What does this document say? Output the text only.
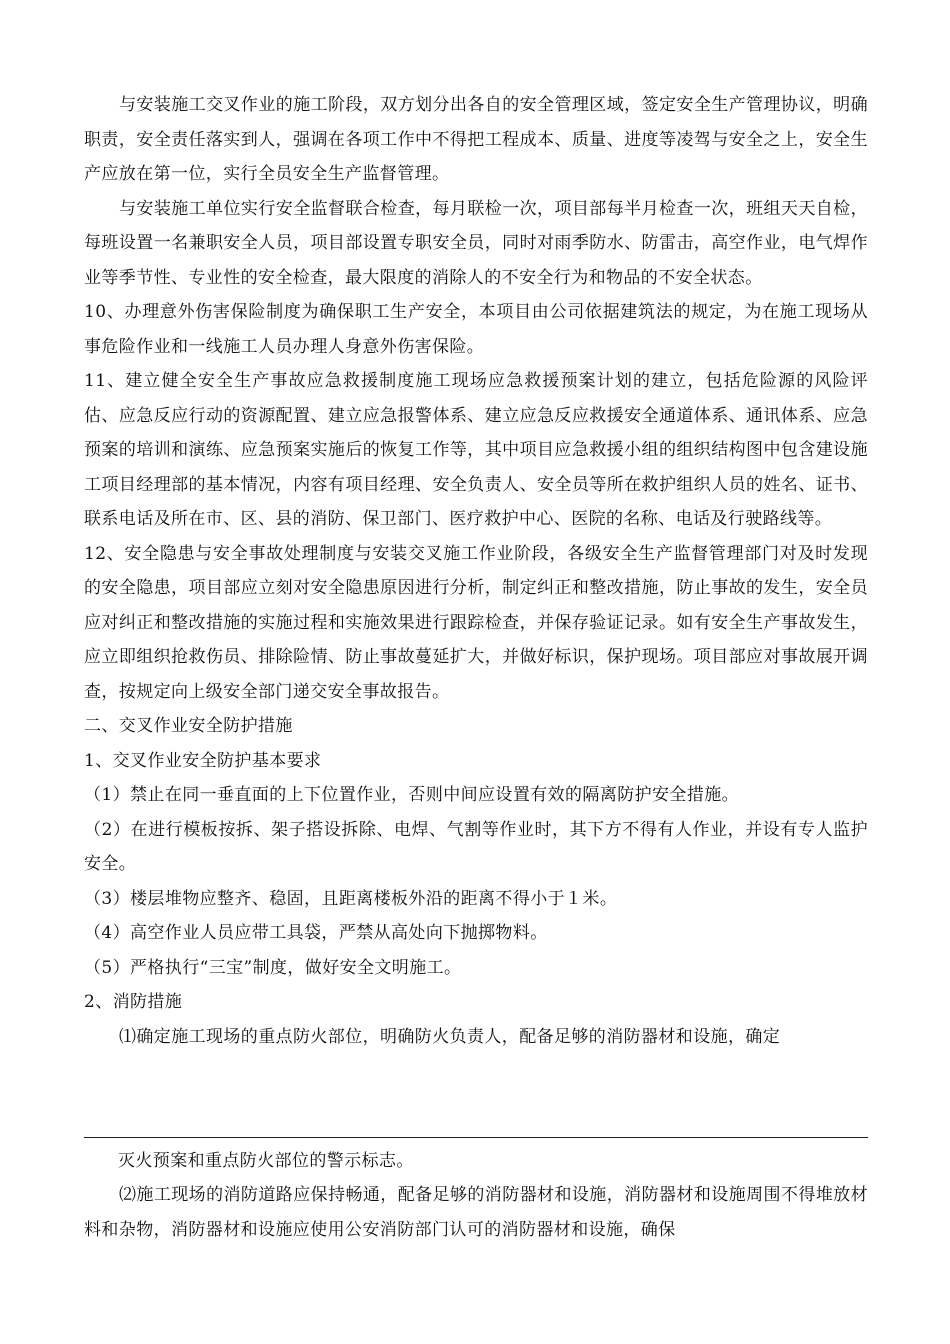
与安装施工交叉作业的施工阶段，双方划分出各自的安全管理区域，签定安全生产管理协议，明确职责，安全责任落实到人，强调在各项工作中不得把工程成本、质量、进度等凌驾与安全之上，安全生产应放在第一位，实行全员安全生产监督管理。

与安装施工单位实行安全监督联合检查，每月联检一次，项目部每半月检查一次，班组天天自检，每班设置一名兼职安全人员，项目部设置专职安全员，同时对雨季防水、防雷击，高空作业，电气焊作业等季节性、专业性的安全检查，最大限度的消除人的不安全行为和物品的不安全状态。

10、办理意外伤害保险制度为确保职工生产安全，本项目由公司依据建筑法的规定，为在施工现场从事危险作业和一线施工人员办理人身意外伤害保险。

11、建立健全安全生产事故应急救援制度施工现场应急救援预案计划的建立，包括危险源的风险评估、应急反应行动的资源配置、建立应急报警体系、建立应急反应救援安全通道体系、通讯体系、应急预案的培训和演练、应急预案实施后的恢复工作等，其中项目应急救援小组的组织结构图中包含建设施工项目经理部的基本情况，内容有项目经理、安全负责人、安全员等所在救护组织人员的姓名、证书、联系电话及所在市、区、县的消防、保卫部门、医疗救护中心、医院的名称、电话及行驶路线等。

12、安全隐患与安全事故处理制度与安装交叉施工作业阶段，各级安全生产监督管理部门对及时发现的安全隐患，项目部应立刻对安全隐患原因进行分析，制定纠正和整改措施，防止事故的发生，安全员应对纠正和整改措施的实施过程和实施效果进行跟踪检查，并保存验证记录。如有安全生产事故发生，应立即组织抢救伤员、排除险情、防止事故蔓延扩大，并做好标识，保护现场。项目部应对事故展开调查，按规定向上级安全部门递交安全事故报告。

二、交叉作业安全防护措施

1、交叉作业安全防护基本要求

（1）禁止在同一垂直面的上下位置作业，否则中间应设置有效的隔离防护安全措施。

（2）在进行模板按拆、架子搭设拆除、电焊、气割等作业时，其下方不得有人作业，并设有专人监护安全。

（3）楼层堆物应整齐、稳固，且距离楼板外沿的距离不得小于１米。

（4）高空作业人员应带工具袋，严禁从高处向下抛掷物料。

（5）严格执行“三宝”制度，做好安全文明施工。

2、消防措施

⑴确定施工现场的重点防火部位，明确防火负责人，配备足够的消防器材和设施，确定

灭火预案和重点防火部位的警示标志。

⑵施工现场的消防道路应保持畅通，配备足够的消防器材和设施，消防器材和设施周围不得堆放材料和杂物，消防器材和设施应使用公安消防部门认可的消防器材和设施，确保
